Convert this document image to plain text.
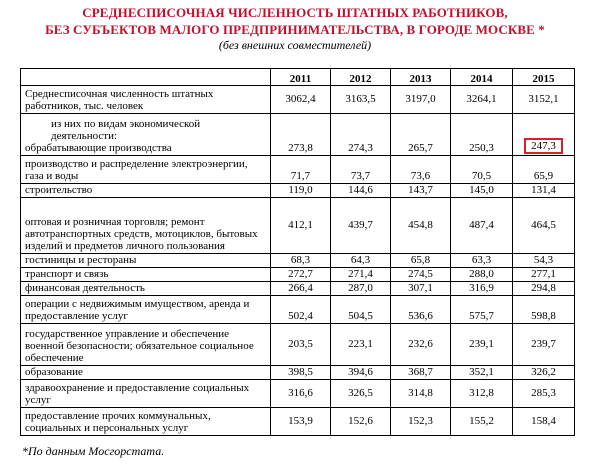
СРЕДНЕСПИСОЧНАЯ ЧИСЛЕННОСТЬ ШТАТНЫХ РАБОТНИКОВ,
БЕЗ СУБЪЕКТОВ МАЛОГО ПРЕДПРИНИМАТЕЛЬСТВА, В ГОРОДЕ МОСКВЕ *
(без внешних совместителей)
	2011	2012	2013	2014	2015
Среднесписочная численность штатных работников, тыс. человек	3062,4	3163,5	3197,0	3264,1	3152,1

из них по видам экономической деятельности:
обрабатывающие производства	273,8	274,3	265,7	250,3	247,3
производство и распределение электроэнергии, газа и воды	71,7	73,7	73,6	70,5	65,9
строительство	119,0	144,6	143,7	145,0	131,4
оптовая и розничная торговля; ремонт автотранспортных средств, мотоциклов, бытовых изделий и предметов личного пользования	412,1	439,7	454,8	487,4	464,5
гостиницы и рестораны	68,3	64,3	65,8	63,3	54,3
транспорт и связь	272,7	271,4	274,5	288,0	277,1
финансовая деятельность	266,4	287,0	307,1	316,9	294,8
операции с недвижимым имуществом, аренда и предоставление услуг	502,4	504,5	536,6	575,7	598,8
государственное управление и обеспечение военной безопасности; обязательное социальное обеспечение	203,5	223,1	232,6	239,1	239,7
образование	398,5	394,6	368,7	352,1	326,2
здравоохранение и предоставление социальных услуг	316,6	326,5	314,8	312,8	285,3
предоставление прочих коммунальных, социальных и персональных услуг	153,9	152,6	152,3	155,2	158,4
*По данным Мосгорстата.
